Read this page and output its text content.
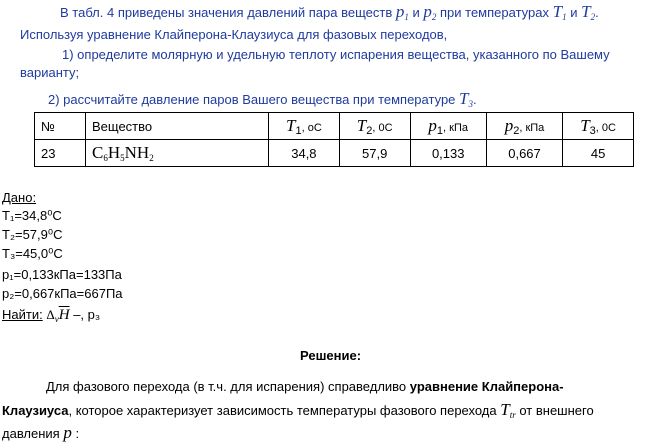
В табл. 4 приведены значения давлений пара веществ $p_1$ и $p_2$ при температурах $T_1$ и $T_2$.
Используя уравнение Клайперона-Клаузиуса для фазовых переходов,
1) определите молярную и удельную теплоту испарения вещества, указанного по Вашему
варианту;
2) рассчитайте давление паров Вашего вещества при температуре $T_3$.
№	Вещество	$T_1$, oC	$T_2$, 0C	$p_1$, кПа	$p_2$, кПа	$T_3$, 0C
23	$C_6H_5NH_2$	34,8	57,9	0,133	0,667	45
Дано:
T₁=34,8⁰C
T₂=57,9⁰C
T₃=45,0⁰C
p₁=0,133кПа=133Па
p₂=0,667кПа=667Па
Найти: $\Delta_v\overline{H}$ –, p₃
Решение:
Для фазового перехода (в т.ч. для испарения) справедливо уравнение Клайперона-
Клаузиуса, которое характеризует зависимость температуры фазового перехода $T_{tr}$ от внешнего
давления p :
